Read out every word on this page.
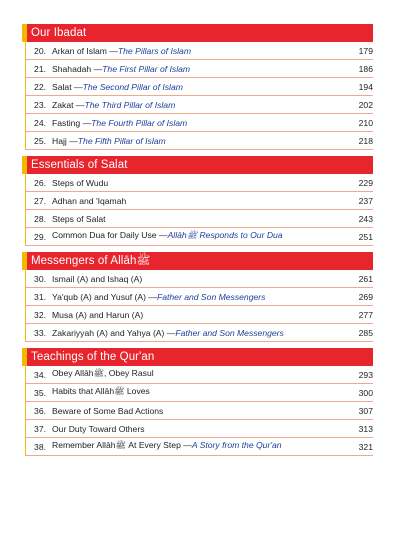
Our Ibadat
20. Arkan of Islam —The Pillars of Islam	179
21. Shahadah —The First Pillar of Islam	186
22. Salat —The Second Pillar of Islam	194
23. Zakat —The Third Pillar of Islam	202
24. Fasting —The Fourth Pillar of Islam	210
25. Hajj —The Fifth Pillar of Islam	218
Essentials of Salat
26. Steps of Wudu	229
27. Adhan and 'Iqamah	237
28. Steps of Salat	243
29. Common Dua for Daily Use —Allāhﷺ Responds to Our Dua	251
Messengers of Allāhﷺ
30. Ismail (A) and Ishaq (A)	261
31. Ya'qub (A) and Yusuf (A) —Father and Son Messengers	269
32. Musa (A) and Harun (A)	277
33. Zakariyyah (A) and Yahya (A) —Father and Son Messengers	285
Teachings of the Qur'an
34. Obey Allāhﷺ, Obey Rasul	293
35. Habits that Allāhﷺ Loves	300
36. Beware of Some Bad Actions	307
37. Our Duty Toward Others	313
38. Remember Allāhﷺ At Every Step —A Story from the Qur'an	321
